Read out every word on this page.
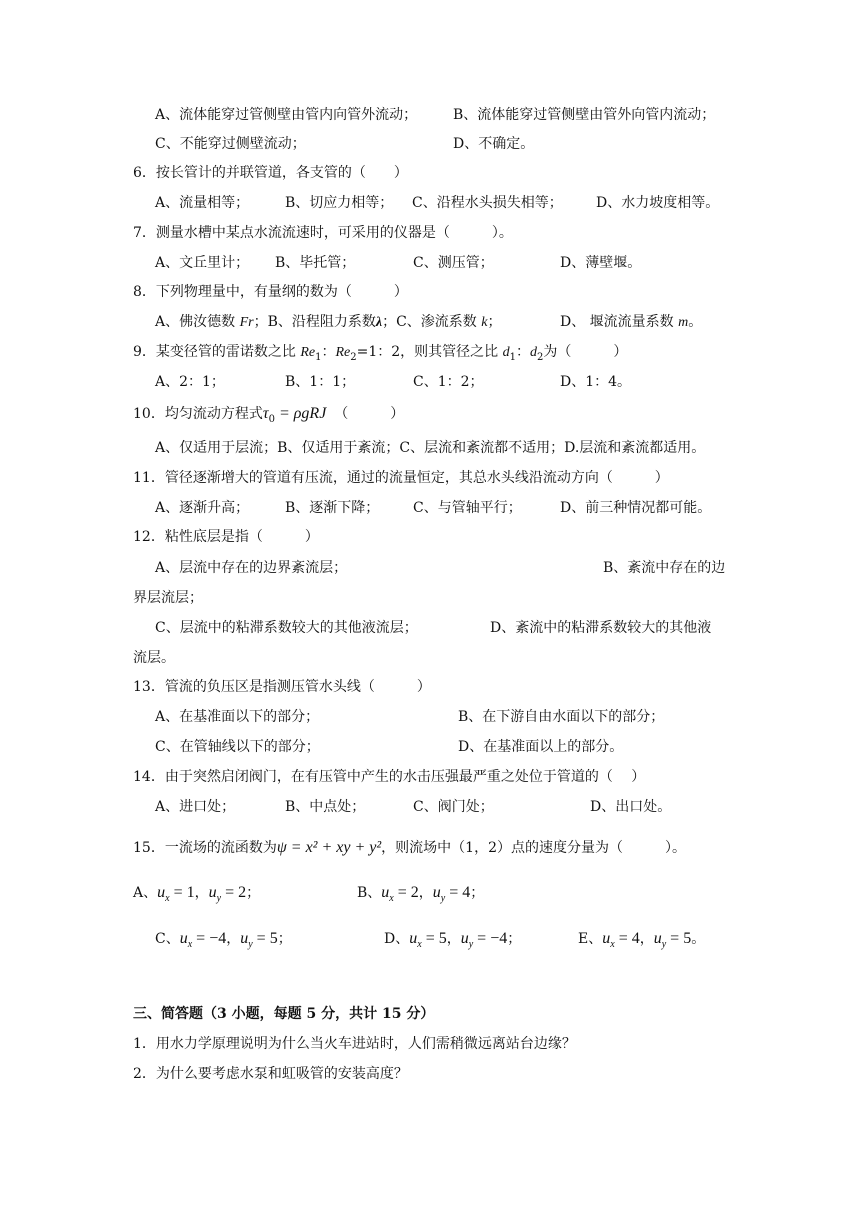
A、流体能穿过管侧壁由管内向管外流动；	B、流体能穿过管侧壁由管外向管内流动；
C、不能穿过侧壁流动；	D、不确定。
6．按长管计的并联管道，各支管的（　　）
A、流量相等；	B、切应力相等； C、沿程水头损失相等； D、水力坡度相等。
7．测量水槽中某点水流流速时，可采用的仪器是（　　　）。
A、文丘里计； B、毕托管；	C、测压管；	D、薄壁堰。
8．下列物理量中，有量纲的数为（　　　）
A、佛汝德数 Fr；B、沿程阻力系数λ；C、渗流系数 k；	D、 堰流流量系数 m。
9．某变径管的雷诺数之比 $Re_1$：$Re_2=1$：2，则其管径之比 $d_1$：$d_2$为（　　　）
A、2：1；	B、1：1；	C、1：2；	D、1：4。
10．均匀流动方程式$\tau_0 = \rho gRJ$ （　　　）
A、仅适用于层流；B、仅适用于紊流；C、层流和紊流都不适用；D.层流和紊流都适用。
11．管径逐渐增大的管道有压流，通过的流量恒定，其总水头线沿流动方向（　　　）
A、逐渐升高；	B、逐渐下降； C、与管轴平行；	D、前三种情况都可能。
12．粘性底层是指（　　　）
A、层流中存在的边界紊流层；	B、紊流中存在的边
界层流层；
C、层流中的粘滞系数较大的其他液流层；	D、紊流中的粘滞系数较大的其他液
流层。
13．管流的负压区是指测压管水头线（　　　）
A、在基准面以下的部分；	B、在下游自由水面以下的部分；
C、在管轴线以下的部分；	D、在基准面以上的部分。
14．由于突然启闭阀门，在有压管中产生的水击压强最严重之处位于管道的（　 ）
A、进口处；	B、中点处；	C、阀门处；	D、出口处。
15．一流场的流函数为ψ = x² + xy + y²，则流场中（1，2）点的速度分量为（　　　）。
A、$u_x = 1$，$u_y = 2$；	B、$u_x = 2$，$u_y = 4$；
C、$u_x = -4$，$u_y = 5$；	D、$u_x = 5$，$u_y = -4$；	E、$u_x = 4$，$u_y = 5$。
三、简答题（3 小题，每题 5 分，共计 15 分）
1．用水力学原理说明为什么当火车进站时，人们需稍微远离站台边缘？
2．为什么要考虑水泵和虹吸管的安装高度？
